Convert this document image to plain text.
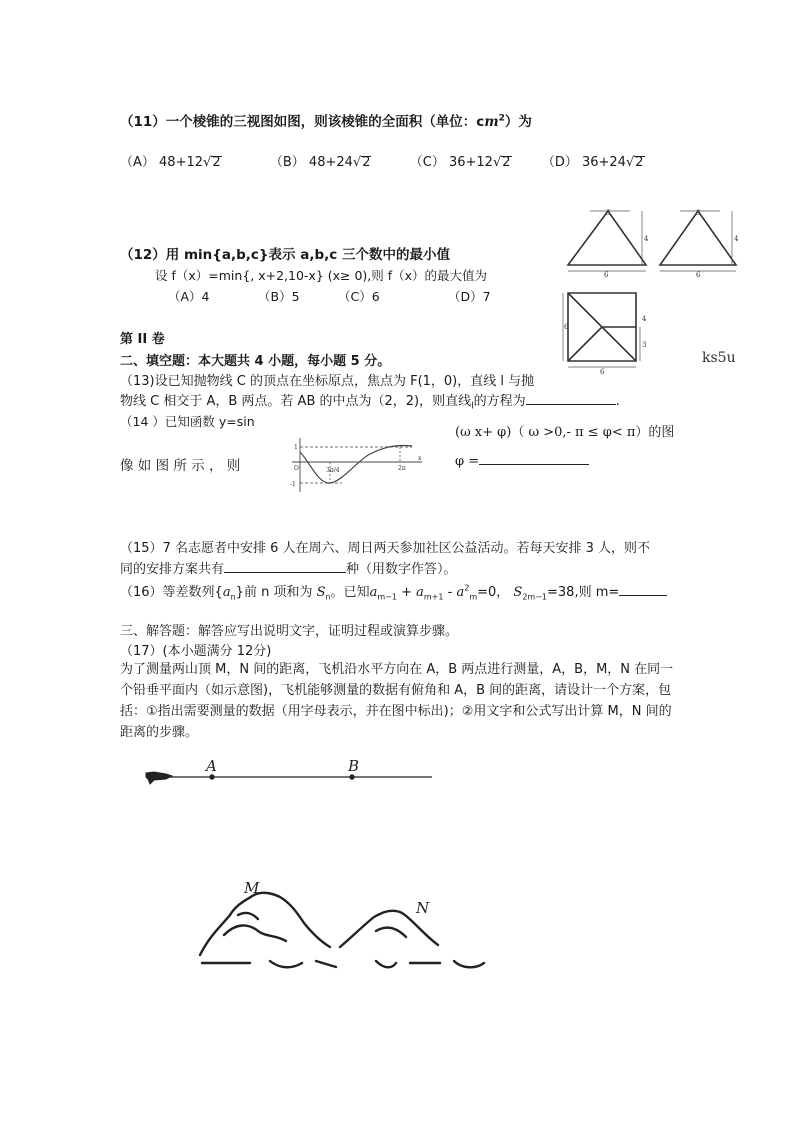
（11）一个棱锥的三视图如图，则该棱锥的全面积（单位：$cm^2$）为
（A） 48+12√2	（B） 48+24√2	（C） 36+12√2 （D） 36+24√2
3
4
6
3
4
6
4
3
6
6
（12）用 min{a,b,c}表示 a,b,c 三个数中的最小值
设 f（x）=min{, x+2,10-x} (x≥ 0),则 f（x）的最大值为
（A）4	（B）5	（C）6	（D）7
第 II 卷
二、填空题：本大题共 4 小题，每小题 5 分。	ks5u
（13)设已知抛物线 C 的顶点在坐标原点，焦点为 F(1，0)，直线 l 与抛
物线 C 相交于 A，B 两点。若 AB 的中点为（2，2)，则直线$_l$的方程为	.
（14 ）已知函数 y=sin
(ω x+ φ)（ ω >0,- π ≤ φ< π）的图
像 如 图 所 示 ， 则	φ =
1
-1
O	3π/4	2π
x
（15）7 名志愿者中安排 6 人在周六、周日两天参加社区公益活动。若每天安排 3 人，则不
同的安排方案共有	种（用数字作答）。
（16）等差数列$\{a_n\}$前 n 项和为 $S_n$。已知$a_{m-1} + a_{m+1} - a^2_m=0$， $S_{2m-1}=38$,则 m=
三、解答题：解答应写出说明文字，证明过程或演算步骤。
（17）(本小题满分 12分)
为了测量两山顶 M，N 间的距离，飞机沿水平方向在 A，B 两点进行测量，A，B，M，N 在同一个铅垂平面内（如示意图)，飞机能够测量的数据有俯角和 A，B 间的距离，请设计一个方案，包括：①指出需要测量的数据（用字母表示，并在图中标出)；②用文字和公式写出计算 M，N 间的距离的步骤。
A	B
M
N
